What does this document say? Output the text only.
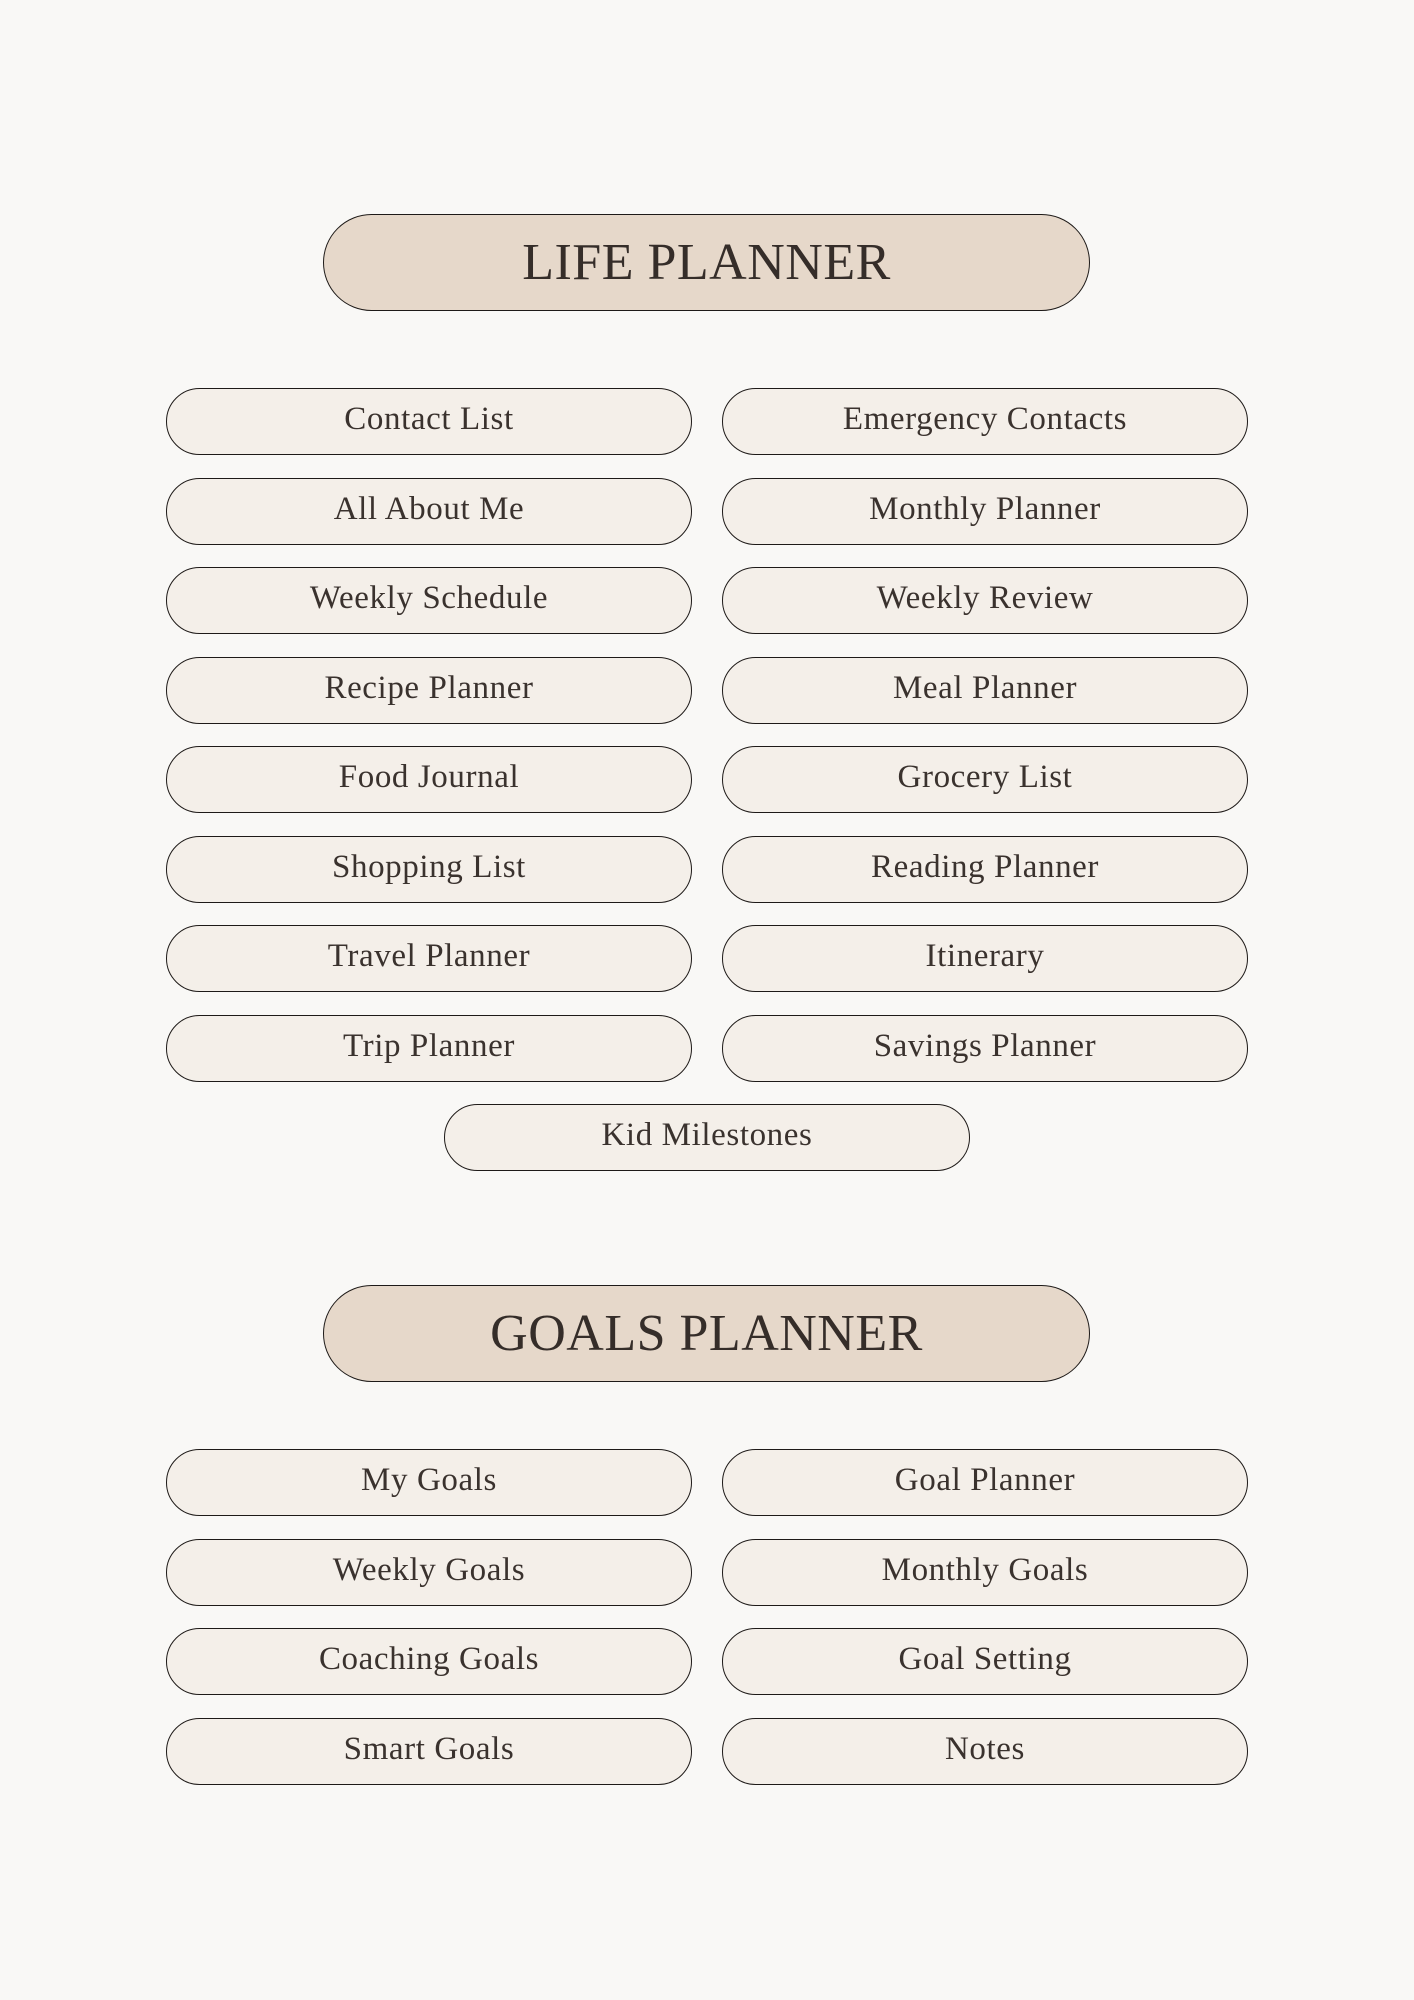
LIFE PLANNER
Contact List	Emergency Contacts
All About Me	Monthly Planner
Weekly Schedule	Weekly Review
Recipe Planner	Meal Planner
Food Journal	Grocery List
Shopping List	Reading Planner
Travel Planner	Itinerary
Trip Planner	Savings Planner
Kid Milestones
GOALS PLANNER
My Goals	Goal Planner
Weekly Goals	Monthly Goals
Coaching Goals	Goal Setting
Smart Goals	Notes
